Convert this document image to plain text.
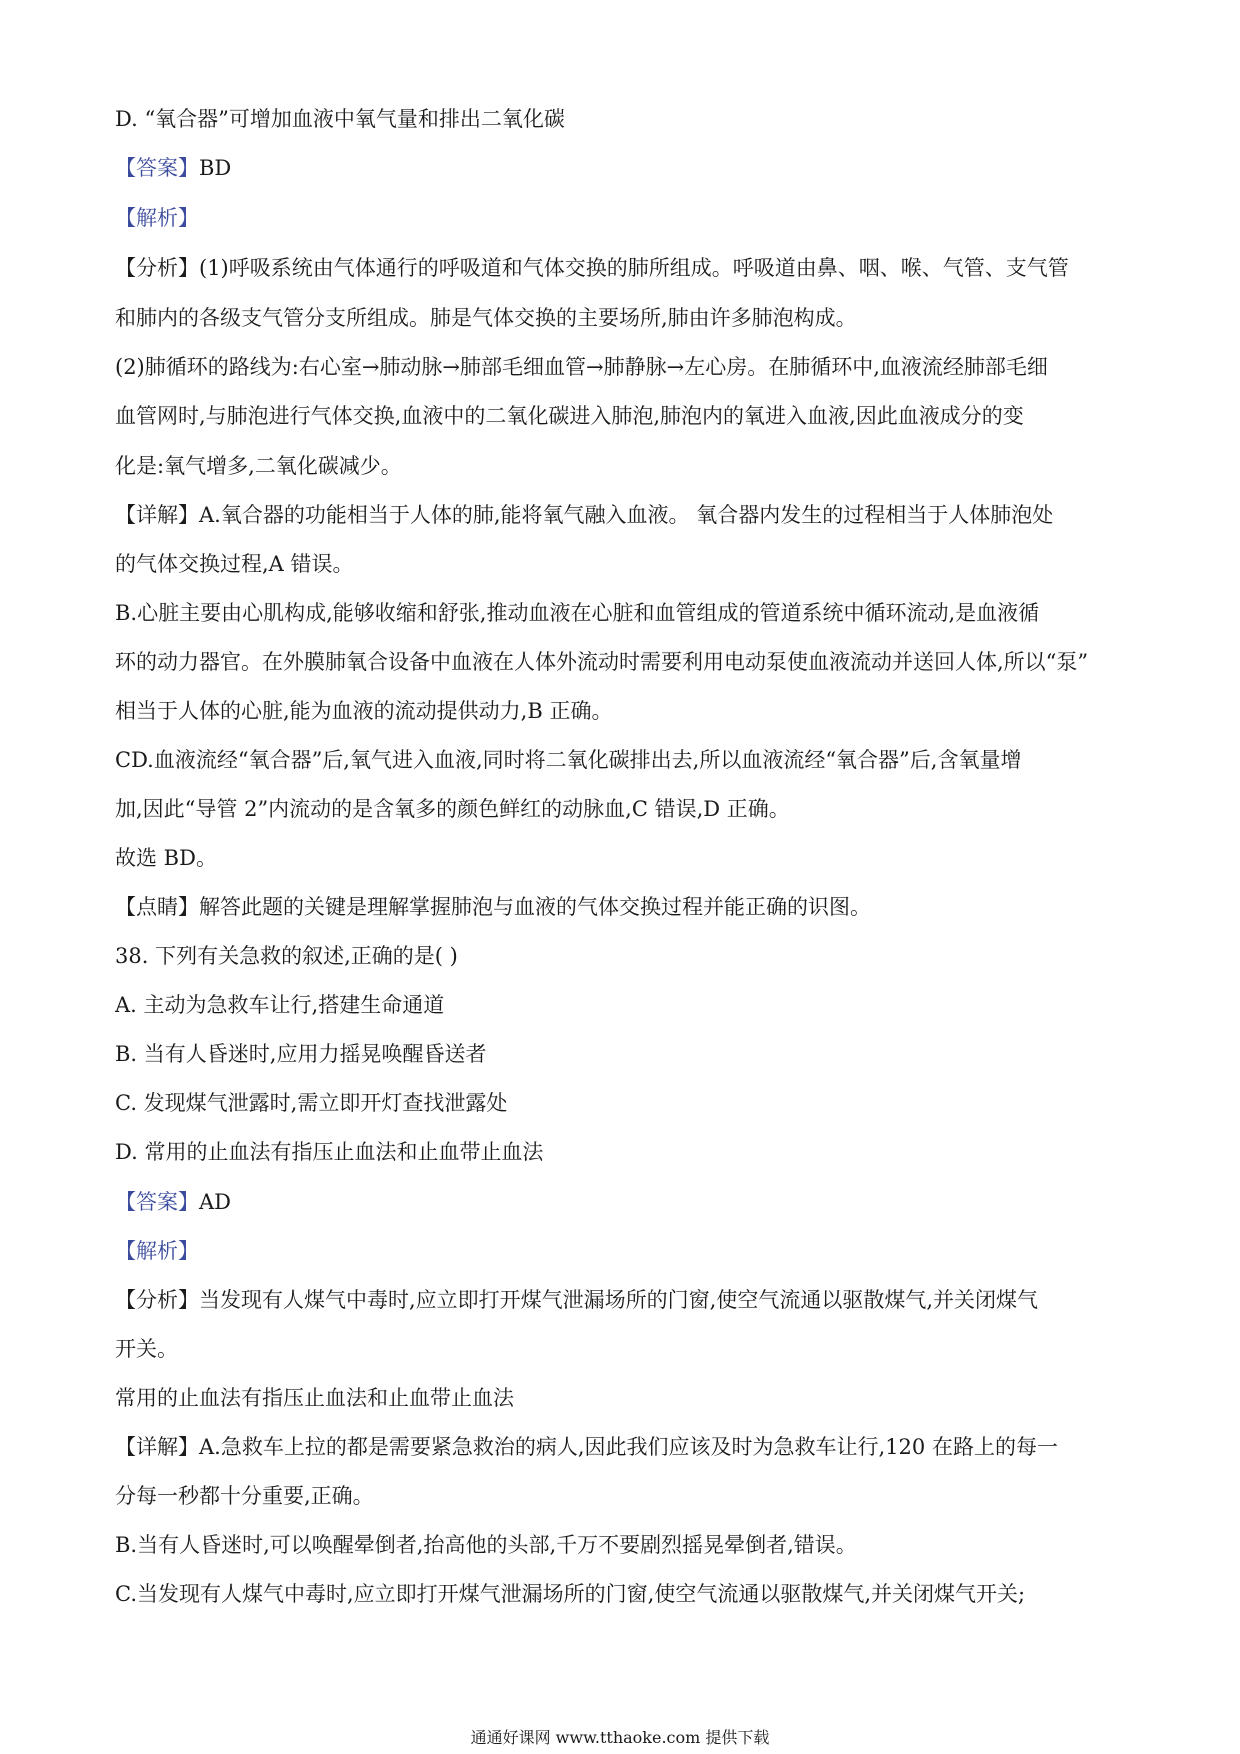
D. “氧合器”可增加血液中氧气量和排出二氧化碳
【答案】BD
【解析】
【分析】(1)呼吸系统由气体通行的呼吸道和气体交换的肺所组成。呼吸道由鼻、咽、喉、气管、支气管
和肺内的各级支气管分支所组成。肺是气体交换的主要场所,肺由许多肺泡构成。
(2)肺循环的路线为:右心室→肺动脉→肺部毛细血管→肺静脉→左心房。在肺循环中,血液流经肺部毛细
血管网时,与肺泡进行气体交换,血液中的二氧化碳进入肺泡,肺泡内的氧进入血液,因此血液成分的变
化是:氧气增多,二氧化碳减少。
【详解】A.氧合器的功能相当于人体的肺,能将氧气融入血液。 氧合器内发生的过程相当于人体肺泡处
的气体交换过程,A 错误。
B.心脏主要由心肌构成,能够收缩和舒张,推动血液在心脏和血管组成的管道系统中循环流动,是血液循
环的动力器官。在外膜肺氧合设备中血液在人体外流动时需要利用电动泵使血液流动并送回人体,所以“泵”
相当于人体的心脏,能为血液的流动提供动力,B 正确。
CD.血液流经“氧合器”后,氧气进入血液,同时将二氧化碳排出去,所以血液流经“氧合器”后,含氧量增
加,因此“导管 2”内流动的是含氧多的颜色鲜红的动脉血,C 错误,D 正确。
故选 BD。
【点睛】解答此题的关键是理解掌握肺泡与血液的气体交换过程并能正确的识图。
38. 下列有关急救的叙述,正确的是( )
A. 主动为急救车让行,搭建生命通道
B. 当有人昏迷时,应用力摇晃唤醒昏送者
C. 发现煤气泄露时,需立即开灯查找泄露处
D. 常用的止血法有指压止血法和止血带止血法
【答案】AD
【解析】
【分析】当发现有人煤气中毒时,应立即打开煤气泄漏场所的门窗,使空气流通以驱散煤气,并关闭煤气
开关。
常用的止血法有指压止血法和止血带止血法
【详解】A.急救车上拉的都是需要紧急救治的病人,因此我们应该及时为急救车让行,120 在路上的每一
分每一秒都十分重要,正确。
B.当有人昏迷时,可以唤醒晕倒者,抬高他的头部,千万不要剧烈摇晃晕倒者,错误。
C.当发现有人煤气中毒时,应立即打开煤气泄漏场所的门窗,使空气流通以驱散煤气,并关闭煤气开关;
通通好课网 www.tthaoke.com 提供下载
